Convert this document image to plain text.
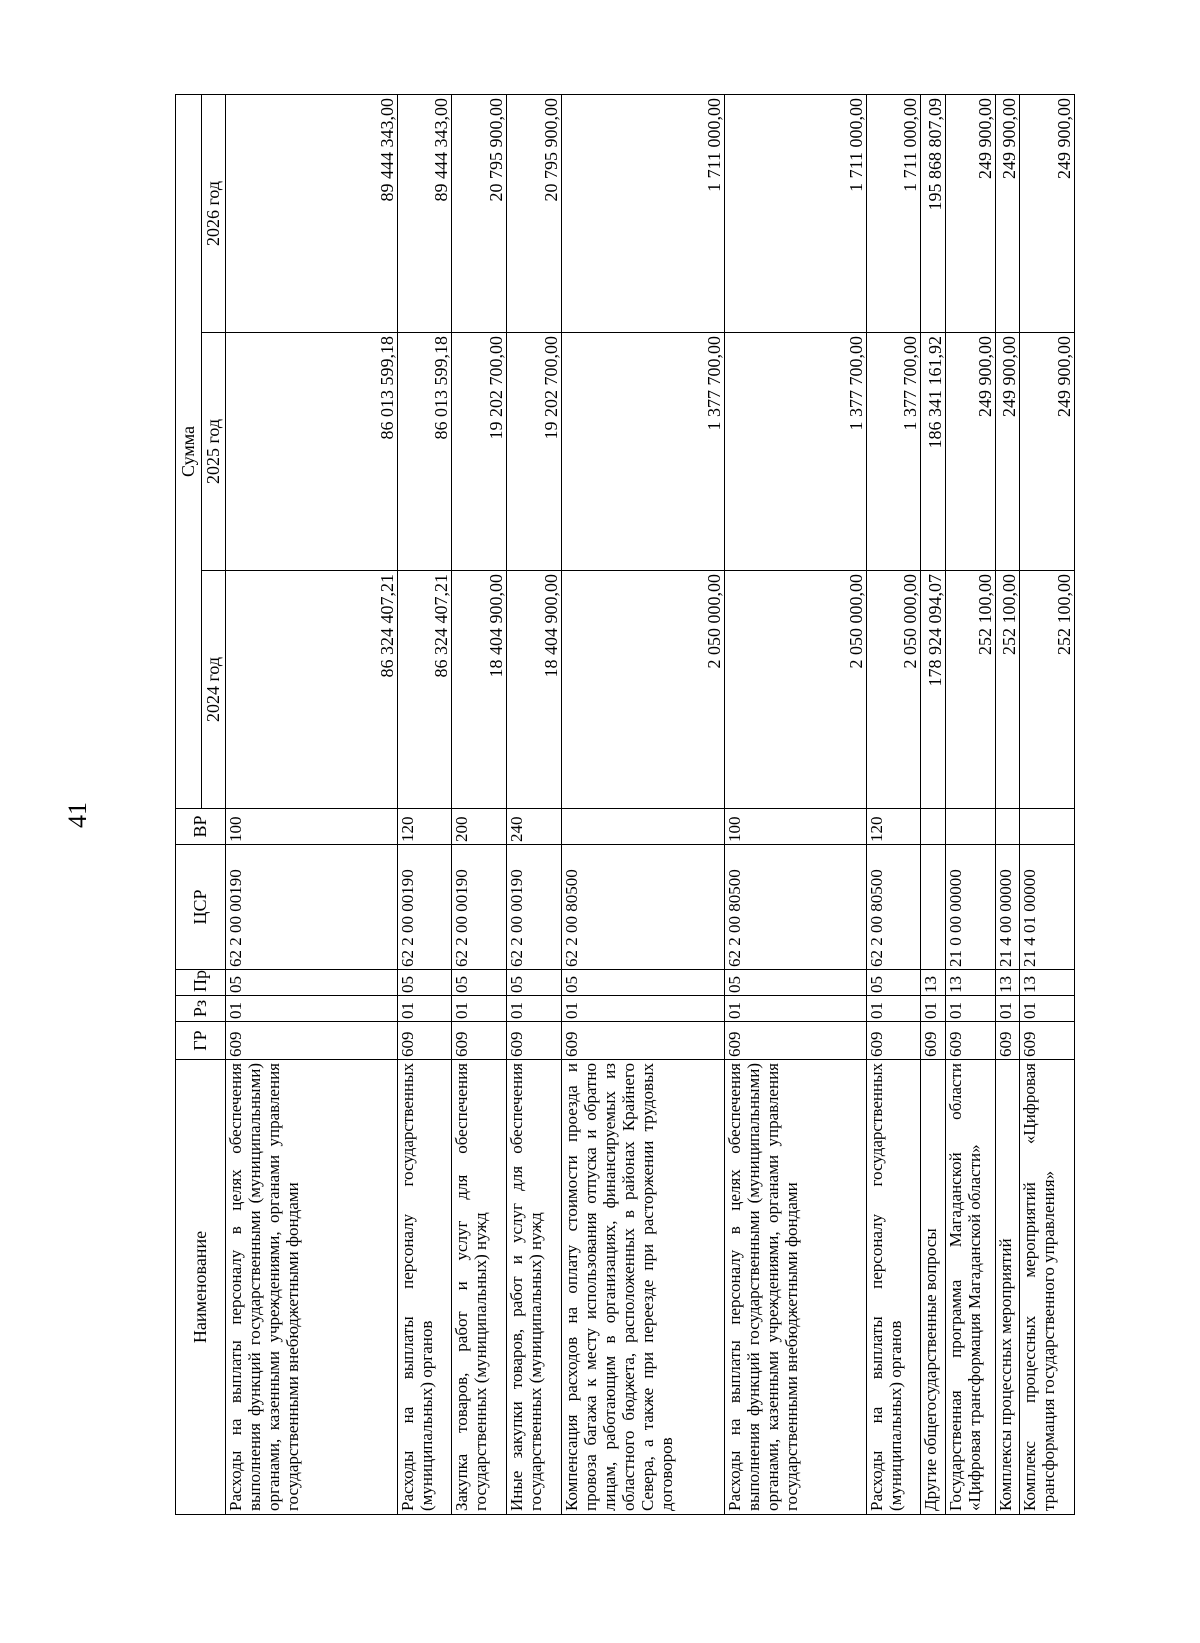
41
Наименование	ГР	Рз	Пр	ЦСР	ВР	Сумма		
						2024 год	2025 год	2026 год
Расходы на выплаты персоналу в целях обеспечения выполнения функций государственными (муниципальными) органами, казенными учреждениями, органами управления государственными внебюджетными фондами	609	01	05	62 2 00 00190	100	86 324 407,21	86 013 599,18	89 444 343,00
Расходы на выплаты персоналу государственных (муниципальных) органов	609	01	05	62 2 00 00190	120	86 324 407,21	86 013 599,18	89 444 343,00
Закупка товаров, работ и услуг для обеспечения государственных (муниципальных) нужд	609	01	05	62 2 00 00190	200	18 404 900,00	19 202 700,00	20 795 900,00
Иные закупки товаров, работ и услуг для обеспечения государственных (муниципальных) нужд	609	01	05	62 2 00 00190	240	18 404 900,00	19 202 700,00	20 795 900,00
Компенсация расходов на оплату стоимости проезда и провоза багажа к месту использования отпуска и обратно лицам, работающим в организациях, финансируемых из областного бюджета, расположенных в районах Крайнего Севера, а также при переезде при расторжении трудовых договоров	609	01	05	62 2 00 80500		2 050 000,00	1 377 700,00	1 711 000,00
Расходы на выплаты персоналу в целях обеспечения выполнения функций государственными (муниципальными) органами, казенными учреждениями, органами управления государственными внебюджетными фондами	609	01	05	62 2 00 80500	100	2 050 000,00	1 377 700,00	1 711 000,00
Расходы на выплаты персоналу государственных (муниципальных) органов	609	01	05	62 2 00 80500	120	2 050 000,00	1 377 700,00	1 711 000,00
Другие общегосударственные вопросы	609	01	13			178 924 094,07	186 341 161,92	195 868 807,09
Государственная программа Магаданской области «Цифровая трансформация Магаданской области»	609	01	13	21 0 00 00000		252 100,00	249 900,00	249 900,00
Комплексы процессных мероприятий	609	01	13	21 4 00 00000		252 100,00	249 900,00	249 900,00
Комплекс процессных мероприятий «Цифровая трансформация государственного управления»	609	01	13	21 4 01 00000		252 100,00	249 900,00	249 900,00
